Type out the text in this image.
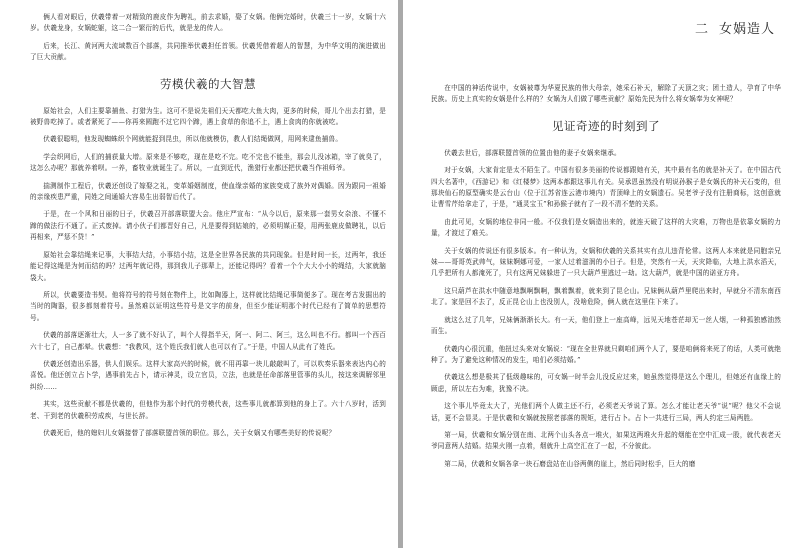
俩人看对眼后，伏羲带着一对精致的鹿皮作为聘礼，前去求婚，娶了女娲。他俩完婚时，伏羲三十一岁，女娲十六岁。伏羲龙身，女娲蛇躯，这二合一繁衍的后代，就是龙的传人。

后来，长江、黄河两大流域数百个部落，共同推举伏羲担任首领。伏羲凭借着超人的智慧，为中华文明的演进做出了巨大贡献。

劳模伏羲的大智慧

原始社会，人们主要靠捕鱼、打猎为生。这可不是说先祖们天天都吃大鱼大肉，更多的时候，哥儿个出去打猎，是被野兽吃掉了。或者紧死了——你再来圆跑不过它四个蹄，遇上食草的你追不上，遇上食肉的你就被吃。

伏羲很聪明，他发现蜘蛛织个网就能捉到昆虫，所以他就模仿，教人们结绳做网，用网来逮鱼捕兽。

学会织网后，人们的捕获量大增。原来是不够吃，现在是吃不完。吃不完也不能坐，那会儿没冰箱，宰了就臭了，这怎么办呢？那就养着呗。一养，畜牧业就诞生了。所以，一直到近代，渔猎行业都还把伏羲当作祖师爷。

揣测制作工程后，伏羲还创设了嫁娶之礼，变革婚姻制度，使血缘亲婚的家族变成了族外对偶婚。因为跟同一祖婚的亲缘疾患严重，同姓之间通婚大容易生出弱智后代了。

于是，在一个风和日丽的日子，伏羲召开部落联盟大会。他庄严宣布：“从今以后，原来那一套男女杂浪、不懂不蹄的做法行不通了。正式废掉。请小伙子们都晋好自己，凡是要得到姑娘的，必须明媒正娶，用两张鹿皮做聘礼，以后再相来，严惩不贷！”

原始社会靠结绳来记事，大事结大结，小事结小结，这是全世界各民族的共同现象。但是时间一长，过两年，我还能记得这绳是为何而结的吗？过两年就记得，那到我儿子那辈上，还能记得吗？看着一个个大大小小的绳结，大家就脑袋大。

所以，伏羲要造书契。他将符号的符号刻在物件上，比如陶器上，这样就比结绳记事简便多了。现在考古发掘出的当时的陶器，很多都刻着符号。虽然难以证明这些符号是文字的前身，但至少能证明那个时代已经有了简单的思想符号。

伏羲的部落逐渐壮大，人一多了就不好认了，叫个人得指半天，阿一、阿二、阿三，这么叫也不行。都叫一个西百六十七了，自己都晕。伏羲想：“我教风，这个姓氏我们就人也可以有了。”于是，中国人从此有了姓氏。

伏羲还创造出乐器，供人们娱乐。这样大家高兴的时候，就不用再靠一块儿敲敲叫了，可以吹奏乐器来表达内心的喜悦。他还创立占卜学，遇事前先占卜，请示神灵，设立官员，立法，也就是任命部落里管事的头儿，按这来调解邻里纠纷……

其实，这些贡献不都是伏羲的，但他作为那个时代的劳模代表，这些事儿就都算到他的身上了。六十八岁时，活到老、干到老的伏羲积劳成疾，与世长辞。

伏羲死后，他的媳妇儿女娲接替了部落联盟首领的职位。那么，关于女娲又有哪些美好的传说呢？

二 女娲造人

在中国的神话传说中，女娲被尊为华夏民族的伟大母亲，她采石补天，解除了天顶之灾；团土造人，孕育了中华民族。历史上真实的女娲是什么样的？女娲为人们做了哪些贡献？原始先民为什么将女娲奉为女神呢？

见证奇迹的时刻到了

伏羲去世后，部落联盟首领的位置由他的妻子女娲来继承。

对于女娲，大家肯定是太不陌生了。中国有很多美丽的传说都跟她有关，其中最有名的就是补天了。在中国古代四大名著中，《西游记》和《红楼梦》这两本都跟这事儿有关。吴承恩虽然没有明说孙猴子是女娲氏的补天石变的，但那块仙石的原型确实是云台山（位于江苏省连云港市境内）青顶峰上的女娲遗石。吴老爷子没有注册商标，这创意就让曹雪芹给拿走了，于是，“通灵宝玉”和孙猴子就有了一段不清不楚的关系。

由此可见，女娲的地位非同一般。不仅我们是女娲造出来的，就连天破了这样的大灾难，万物也是依靠女娲的力量，才渡过了难关。

关于女娲的传说还有很多版本。有一种认为，女娲和伏羲的关系其实有点儿违背伦常。这两人本来就是同胞亲兄妹——哥哥英武帅气，妹妹婀娜可爱，一家人过着滋润的小日子。但是，突然有一天，天灾降临，大地上洪水滔天，几乎把所有人都淹死了，只有这两兄妹躲进了一只大葫芦里逃过一劫。这大葫芦，就是中国的诺亚方舟。

这只葫芦在洪水中随意地飘啊飘啊，飘着飘着，就来到了昆仑山。兄妹俩从葫芦里爬出来时，早就分不清东南西北了。家是回不去了，反正昆仑山上也没别人，没啥危险，俩人就在这里住下来了。

就这么过了几年，兄妹俩渐渐长大。有一天，他们登上一座高峰，远见天地苍茫却无一丝人烟，一种孤独感油然而生。

伏羲内心很沉重，他扭过头来对女娲说：“现在全世界就只剩咱们两个人了，要是咱俩将来死了的话，人类可就绝种了。为了避免这种情况的发生，咱们必须结婚。”

伏羲这么想是极其了低级趣味的，可女娲一时半会儿没反应过来，她虽然觉得是这么个理儿，但她还有血缘上的顾虑，所以左右为难，犹豫不决。

这个事儿毕竟太大了，光他们两个人做主还不行，必须老天爷说了算。怎么才能让老天爷“说”呢？他父不会说话，更不会显灵。于是伏羲和女娲就按照老部落的规矩，进行占卜。占卜一共进行三局，两人约定三局两胜。

第一局，伏羲和女娲分别在南、北两个山头各点一堆火，如果这两堆火升起的烟能在空中汇成一股，就代表老天爷同意两人结婚。结果火刚一点着，烟就升上高空汇在了一起，不分彼此。

第二局，伏羲和女娲各拿一块石磨盘站在山谷两侧的崖上，然后同时松手，巨大的磨
